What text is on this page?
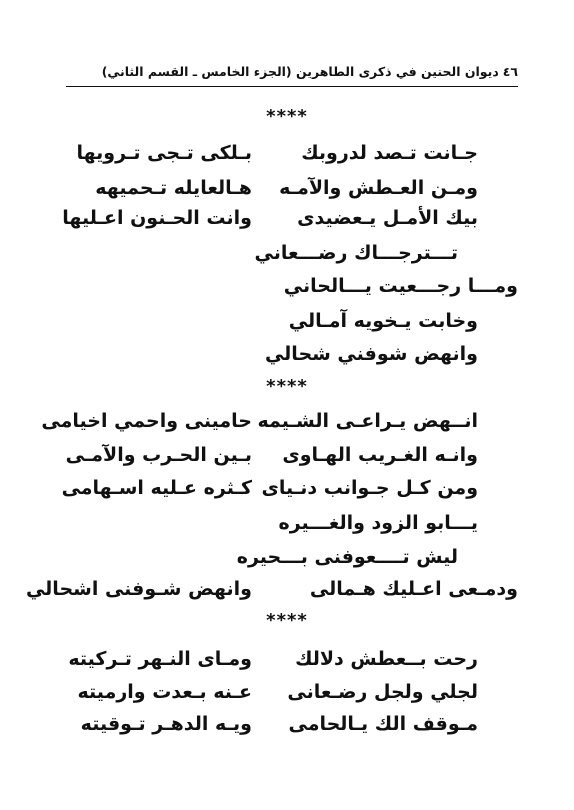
٤٦
ديوان الحنين في ذكرى الطاهرين (الجزء الخامس ـ القسم الثاني)
****
جـانت تـصد لدروبك
بـلكى تـجى تـرويها
ومـن العـطش والآمـه
هـالعايله تـحميهه
بيك الأمـل يـعضيدى
وانت الحـنون اعـليها
تـــترجـــاك رضـــعاني
ومـــا رجـــعيت يـــالحاني
وخابت يـخويه آمـالي
وانهض شوفني شحالي
****
انــهض يـراعـى الشـيمه
حامينى واحمي اخيامى
وانـه الغـريب الهـاوى
بـين الحـرب والآمـى
ومن كـل جـوانب دنـياى
كـثره عـليه اسـهامى
يـــابو الزود والغـــيره
ليش تــــعوفنى بـــحيره
ودمـعى اعـليك هـمالى
وانهض شـوفنى اشحالي
****
رحت بــعطش دلالك
ومـاى النـهر تـركيته
لجلي ولجل رضـعانى
عـنه بـعدت وارميته
مـوقف الك يـالحامى
ويـه الدهـر تـوقيته
